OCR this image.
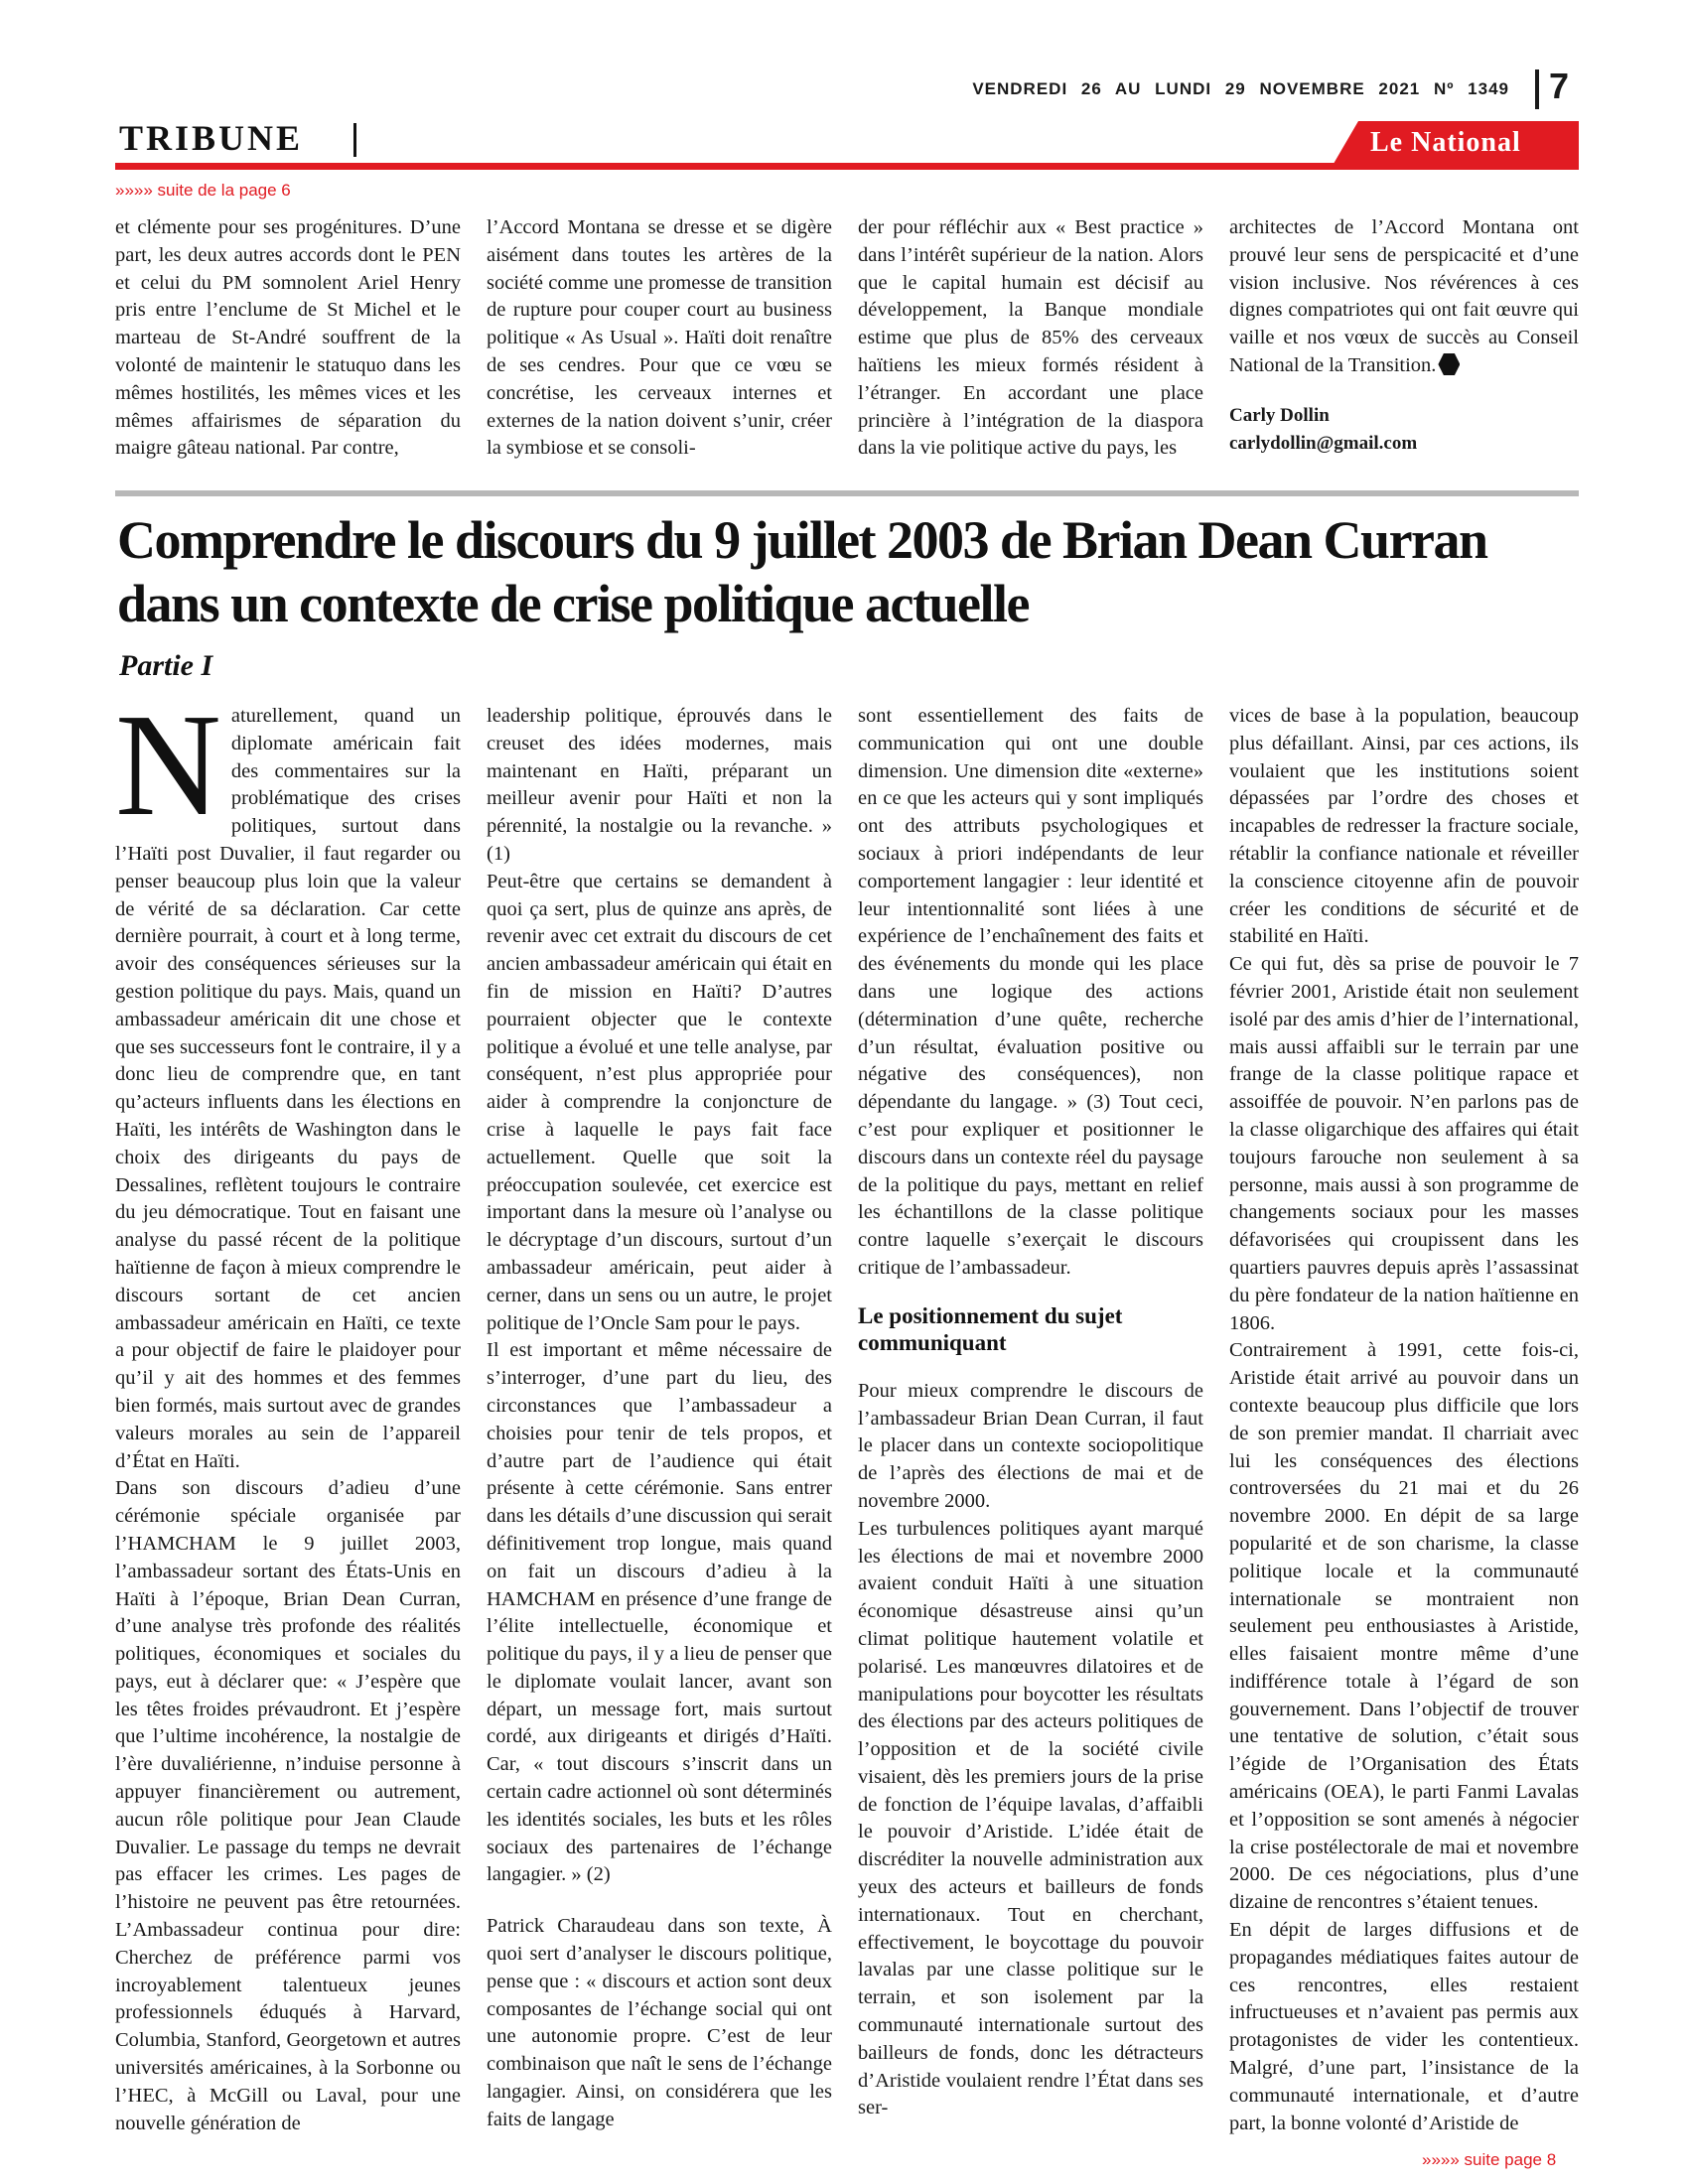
VENDREDI 26 AU LUNDI 29 NOVEMBRE 2021 Nº 1349 7
TRIBUNE	Le National
»»»» suite de la page 6

et clémente pour ses progénitures. D’une part, les deux autres accords dont le PEN et celui du PM somnolent Ariel Henry pris entre l’enclume de St Michel et le marteau de St-André souffrent de la volonté de maintenir le statuquo dans les mêmes hostilités, les mêmes vices et les mêmes affairismes de séparation du maigre gâteau national. Par contre,

l’Accord Montana se dresse et se digère aisément dans toutes les artères de la société comme une promesse de transition de rupture pour couper court au business politique « As Usual ». Haïti doit renaître de ses cendres. Pour que ce vœu se concrétise, les cerveaux internes et externes de la nation doivent s’unir, créer la symbiose et se consoli-

der pour réfléchir aux « Best practice » dans l’intérêt supérieur de la nation. Alors que le capital humain est décisif au développement, la Banque mondiale estime que plus de 85% des cerveaux haïtiens les mieux formés résident à l’étranger. En accordant une place princière à l’intégration de la diaspora dans la vie politique active du pays, les

architectes de l’Accord Montana ont prouvé leur sens de perspicacité et d’une vision inclusive. Nos révérences à ces dignes compatriotes qui ont fait œuvre qui vaille et nos vœux de succès au Conseil National de la Transition.

Carly Dollin
carlydollin@gmail.com
Comprendre le discours du 9 juillet 2003 de Brian Dean Curran dans un contexte de crise politique actuelle
Partie I

Naturellement, quand un diplomate américain fait des commentaires sur la problématique des crises politiques, surtout dans l’Haïti post Duvalier, il faut regarder ou penser beaucoup plus loin que la valeur de vérité de sa déclaration. Car cette dernière pourrait, à court et à long terme, avoir des conséquences sérieuses sur la gestion politique du pays. Mais, quand un ambassadeur américain dit une chose et que ses successeurs font le contraire, il y a donc lieu de comprendre que, en tant qu’acteurs influents dans les élections en Haïti, les intérêts de Washington dans le choix des dirigeants du pays de Dessalines, reflètent toujours le contraire du jeu démocratique. Tout en faisant une analyse du passé récent de la politique haïtienne de façon à mieux comprendre le discours sortant de cet ancien ambassadeur américain en Haïti, ce texte a pour objectif de faire le plaidoyer pour qu’il y ait des hommes et des femmes bien formés, mais surtout avec de grandes valeurs morales au sein de l’appareil d’État en Haïti.

Dans son discours d’adieu d’une cérémonie spéciale organisée par l’HAMCHAM le 9 juillet 2003, l’ambassadeur sortant des États-Unis en Haïti à l’époque, Brian Dean Curran, d’une analyse très profonde des réalités politiques, économiques et sociales du pays, eut à déclarer que: « J’espère que les têtes froides prévaudront. Et j’espère que l’ultime incohérence, la nostalgie de l’ère duvaliérienne, n’induise personne à appuyer financièrement ou autrement, aucun rôle politique pour Jean Claude Duvalier. Le passage du temps ne devrait pas effacer les crimes. Les pages de l’histoire ne peuvent pas être retournées. L’Ambassadeur continua pour dire: Cherchez de préférence parmi vos incroyablement talentueux jeunes professionnels éduqués à Harvard, Columbia, Stanford, Georgetown et autres universités américaines, à la Sorbonne ou l’HEC, à McGill ou Laval, pour une nouvelle génération de

leadership politique, éprouvés dans le creuset des idées modernes, mais maintenant en Haïti, préparant un meilleur avenir pour Haïti et non la pérennité, la nostalgie ou la revanche. » (1)

Peut-être que certains se demandent à quoi ça sert, plus de quinze ans après, de revenir avec cet extrait du discours de cet ancien ambassadeur américain qui était en fin de mission en Haïti? D’autres pourraient objecter que le contexte politique a évolué et une telle analyse, par conséquent, n’est plus appropriée pour aider à comprendre la conjoncture de crise à laquelle le pays fait face actuellement. Quelle que soit la préoccupation soulevée, cet exercice est important dans la mesure où l’analyse ou le décryptage d’un discours, surtout d’un ambassadeur américain, peut aider à cerner, dans un sens ou un autre, le projet politique de l’Oncle Sam pour le pays.

Il est important et même nécessaire de s’interroger, d’une part du lieu, des circonstances que l’ambassadeur a choisies pour tenir de tels propos, et d’autre part de l’audience qui était présente à cette cérémonie. Sans entrer dans les détails d’une discussion qui serait définitivement trop longue, mais quand on fait un discours d’adieu à la HAMCHAM en présence d’une frange de l’élite intellectuelle, économique et politique du pays, il y a lieu de penser que le diplomate voulait lancer, avant son départ, un message fort, mais surtout cordé, aux dirigeants et dirigés d’Haïti. Car, « tout discours s’inscrit dans un certain cadre actionnel où sont déterminés les identités sociales, les buts et les rôles sociaux des partenaires de l’échange langagier. » (2)

Patrick Charaudeau dans son texte, À quoi sert d’analyser le discours politique, pense que : « discours et action sont deux composantes de l’échange social qui ont une autonomie propre. C’est de leur combinaison que naît le sens de l’échange langagier. Ainsi, on considérera que les faits de langage

sont essentiellement des faits de communication qui ont une double dimension. Une dimension dite «externe» en ce que les acteurs qui y sont impliqués ont des attributs psychologiques et sociaux à priori indépendants de leur comportement langagier : leur identité et leur intentionnalité sont liées à une expérience de l’enchaînement des faits et des événements du monde qui les place dans une logique des actions (détermination d’une quête, recherche d’un résultat, évaluation positive ou négative des conséquences), non dépendante du langage. » (3) Tout ceci, c’est pour expliquer et positionner le discours dans un contexte réel du paysage de la politique du pays, mettant en relief les échantillons de la classe politique contre laquelle s’exerçait le discours critique de l’ambassadeur.

Le positionnement du sujet communiquant

Pour mieux comprendre le discours de l’ambassadeur Brian Dean Curran, il faut le placer dans un contexte sociopolitique de l’après des élections de mai et de novembre 2000.

Les turbulences politiques ayant marqué les élections de mai et novembre 2000 avaient conduit Haïti à une situation économique désastreuse ainsi qu’un climat politique hautement volatile et polarisé. Les manœuvres dilatoires et de manipulations pour boycotter les résultats des élections par des acteurs politiques de l’opposition et de la société civile visaient, dès les premiers jours de la prise de fonction de l’équipe lavalas, d’affaibli le pouvoir d’Aristide. L’idée était de discréditer la nouvelle administration aux yeux des acteurs et bailleurs de fonds internationaux. Tout en cherchant, effectivement, le boycottage du pouvoir lavalas par une classe politique sur le terrain, et son isolement par la communauté internationale surtout des bailleurs de fonds, donc les détracteurs d’Aristide voulaient rendre l’État dans ses ser-

vices de base à la population, beaucoup plus défaillant. Ainsi, par ces actions, ils voulaient que les institutions soient dépassées par l’ordre des choses et incapables de redresser la fracture sociale, rétablir la confiance nationale et réveiller la conscience citoyenne afin de pouvoir créer les conditions de sécurité et de stabilité en Haïti.

Ce qui fut, dès sa prise de pouvoir le 7 février 2001, Aristide était non seulement isolé par des amis d’hier de l’international, mais aussi affaibli sur le terrain par une frange de la classe politique rapace et assoiffée de pouvoir. N’en parlons pas de la classe oligarchique des affaires qui était toujours farouche non seulement à sa personne, mais aussi à son programme de changements sociaux pour les masses défavorisées qui croupissent dans les quartiers pauvres depuis après l’assassinat du père fondateur de la nation haïtienne en 1806.

Contrairement à 1991, cette fois-ci, Aristide était arrivé au pouvoir dans un contexte beaucoup plus difficile que lors de son premier mandat. Il charriait avec lui les conséquences des élections controversées du 21 mai et du 26 novembre 2000. En dépit de sa large popularité et de son charisme, la classe politique locale et la communauté internationale se montraient non seulement peu enthousiastes à Aristide, elles faisaient montre même d’une indifférence totale à l’égard de son gouvernement. Dans l’objectif de trouver une tentative de solution, c’était sous l’égide de l’Organisation des États américains (OEA), le parti Fanmi Lavalas et l’opposition se sont amenés à négocier la crise postélectorale de mai et novembre 2000. De ces négociations, plus d’une dizaine de rencontres s’étaient tenues.

En dépit de larges diffusions et de propagandes médiatiques faites autour de ces rencontres, elles restaient infructueuses et n’avaient pas permis aux protagonistes de vider les contentieux. Malgré, d’une part, l’insistance de la communauté internationale, et d’autre part, la bonne volonté d’Aristide de

»»»» suite page 8
